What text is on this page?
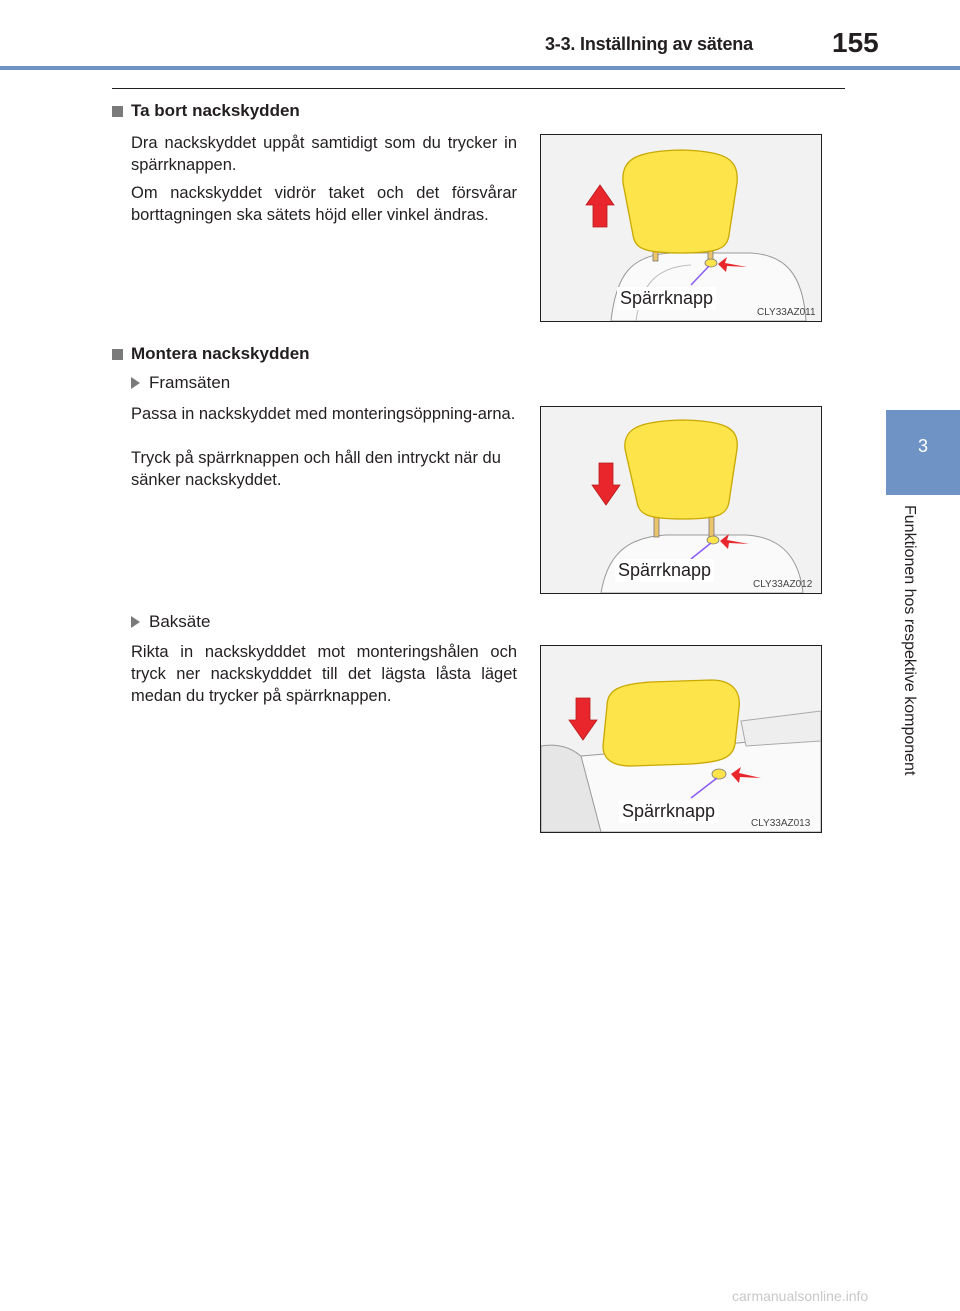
3-3. Inställning av sätena	155
3
Funktionen hos respektive komponent
Ta bort nackskydden
Dra nackskyddet uppåt samtidigt som du trycker in spärrknappen.
Om nackskyddet vidrör taket och det försvårar borttagningen ska sätets höjd eller vinkel ändras.
Spärrknapp
CLY33AZ011
Montera nackskydden
Framsäten
Passa in nackskyddet med monteringsöppning-arna.
Tryck på spärrknappen och håll den intryckt när du sänker nackskyddet.
Spärrknapp
CLY33AZ012
Baksäte
Rikta in nackskydddet mot monteringshålen och tryck ner nackskydddet till det lägsta låsta läget medan du trycker på spärrknappen.
Spärrknapp
CLY33AZ013
carmanualsonline.info
